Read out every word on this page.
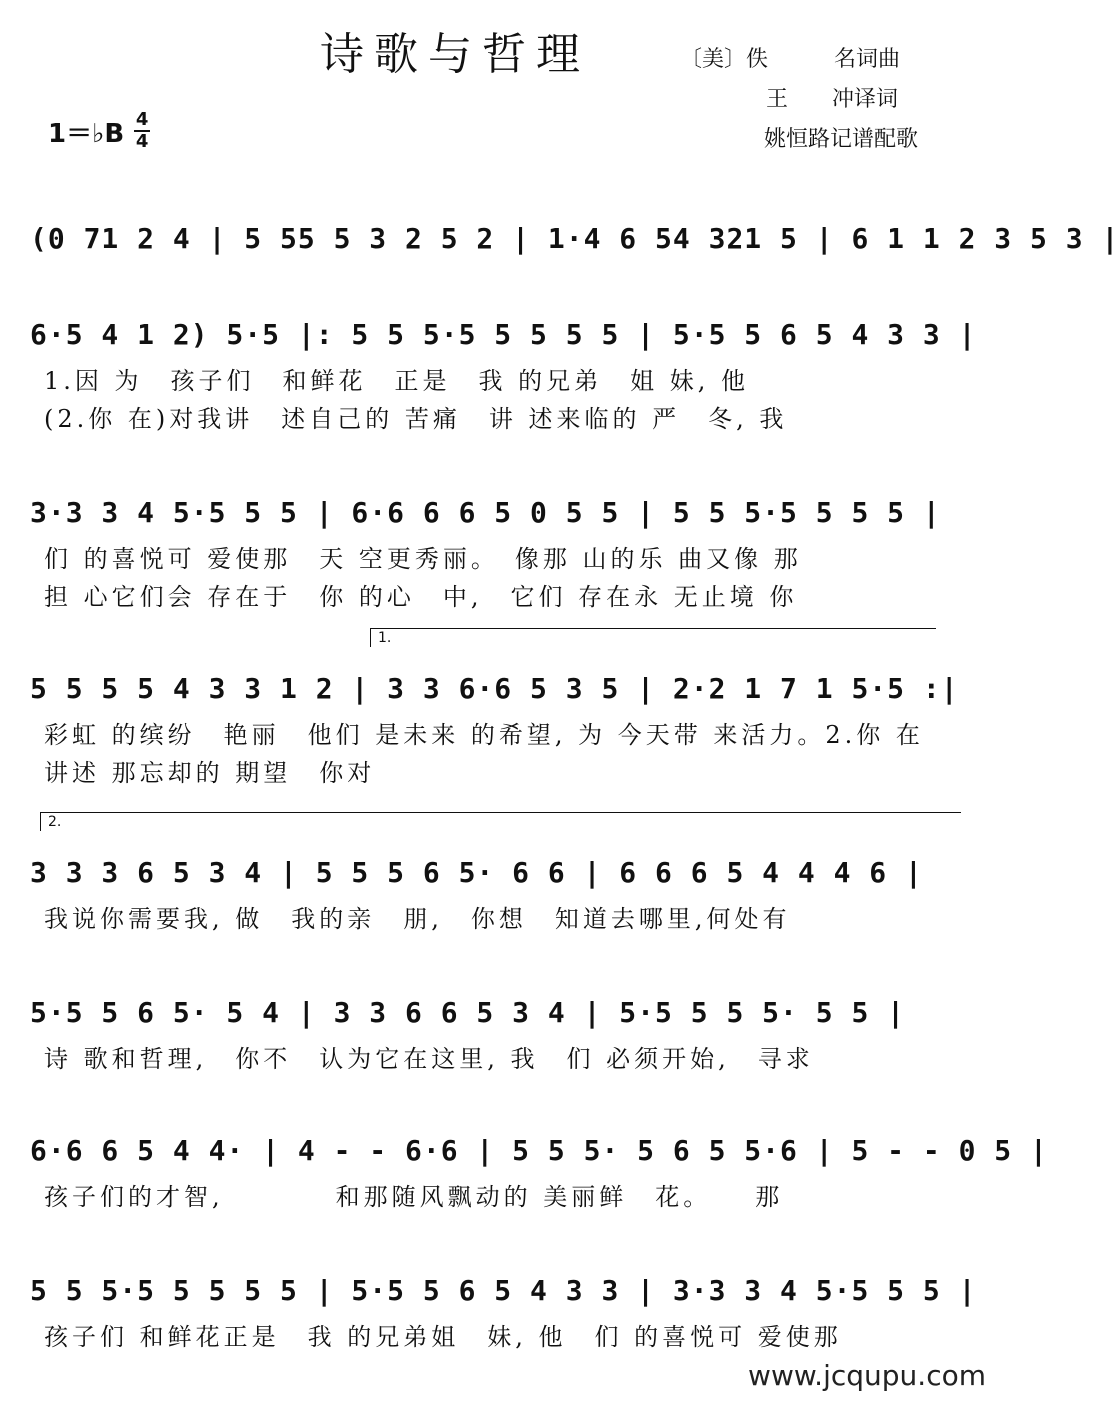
诗歌与哲理	〔美〕佚　　　名词曲
王　　冲译词
姚恒路记谱配歌
1＝♭B 4
4
(0 71 2 4 | 5 55 5 3 2 5 2 | 1·4 6 54 321 5 | 6 1 1 2 3 5 3 |
6·5 4 1 2) 5·5 |: 5 5 5·5 5 5 5 5 | 5·5 5 6 5 4 3 3 |
1.因 为　孩子们　和鲜花　正是　我 的兄弟　姐 妹, 他
(2.你 在)对我讲　述自己的 苦痛　讲 述来临的 严　冬, 我
3·3 3 4 5·5 5 5 | 6·6 6 6 5 0 5 5 | 5 5 5·5 5 5 5 |
们 的喜悦可 爱使那　天 空更秀丽。　像那 山的乐 曲又像 那
担 心它们会 存在于　你 的心　中,　它们 存在永 无止境 你
1.
5 5 5 5 4 3 3 1 2 | 3 3 6·6 5 3 5 | 2·2 1 7 1 5·5 :|
彩虹 的缤纷　艳丽　他们 是未来 的希望, 为 今天带 来活力。2.你 在
讲述 那忘却的 期望　你对
2.
3 3 3 6 5 3 4 | 5 5 5 6 5· 6 6 | 6 6 6 5 4 4 4 6 |
我说你需要我, 做　我的亲　朋,　你想　知道去哪里,何处有
5·5 5 6 5· 5 4 | 3 3 6 6 5 3 4 | 5·5 5 5 5· 5 5 |
诗 歌和哲理,　你不　认为它在这里, 我　们 必须开始,　寻求
6·6 6 5 4 4· | 4 - - 6·6 | 5 5 5· 5 6 5 5·6 | 5 - - 0 5 |
孩子们的才智,　　　　和那随风飘动的 美丽鲜　花。　　那
5 5 5·5 5 5 5 5 | 5·5 5 6 5 4 3 3 | 3·3 3 4 5·5 5 5 |
孩子们 和鲜花正是　我 的兄弟姐　妹, 他　们 的喜悦可 爱使那
www.jcqupu.com
